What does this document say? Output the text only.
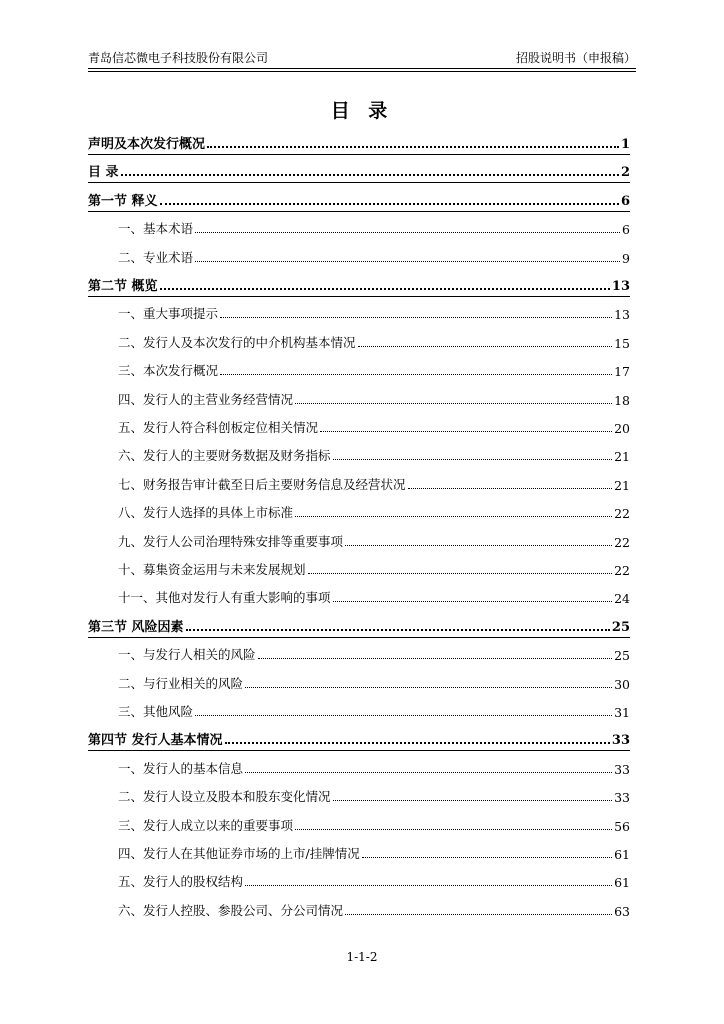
青岛信芯微电子科技股份有限公司	招股说明书（申报稿）
目 录
声明及本次发行概况	1
目 录	2
第一节 释义	6
一、基本术语	6
二、专业术语	9
第二节 概览	13
一、重大事项提示	13
二、发行人及本次发行的中介机构基本情况	15
三、本次发行概况	17
四、发行人的主营业务经营情况	18
五、发行人符合科创板定位相关情况	20
六、发行人的主要财务数据及财务指标	21
七、财务报告审计截至日后主要财务信息及经营状况	21
八、发行人选择的具体上市标准	22
九、发行人公司治理特殊安排等重要事项	22
十、募集资金运用与未来发展规划	22
十一、其他对发行人有重大影响的事项	24
第三节 风险因素	25
一、与发行人相关的风险	25
二、与行业相关的风险	30
三、其他风险	31
第四节 发行人基本情况	33
一、发行人的基本信息	33
二、发行人设立及股本和股东变化情况	33
三、发行人成立以来的重要事项	56
四、发行人在其他证券市场的上市/挂牌情况	61
五、发行人的股权结构	61
六、发行人控股、参股公司、分公司情况	63
1-1-2
